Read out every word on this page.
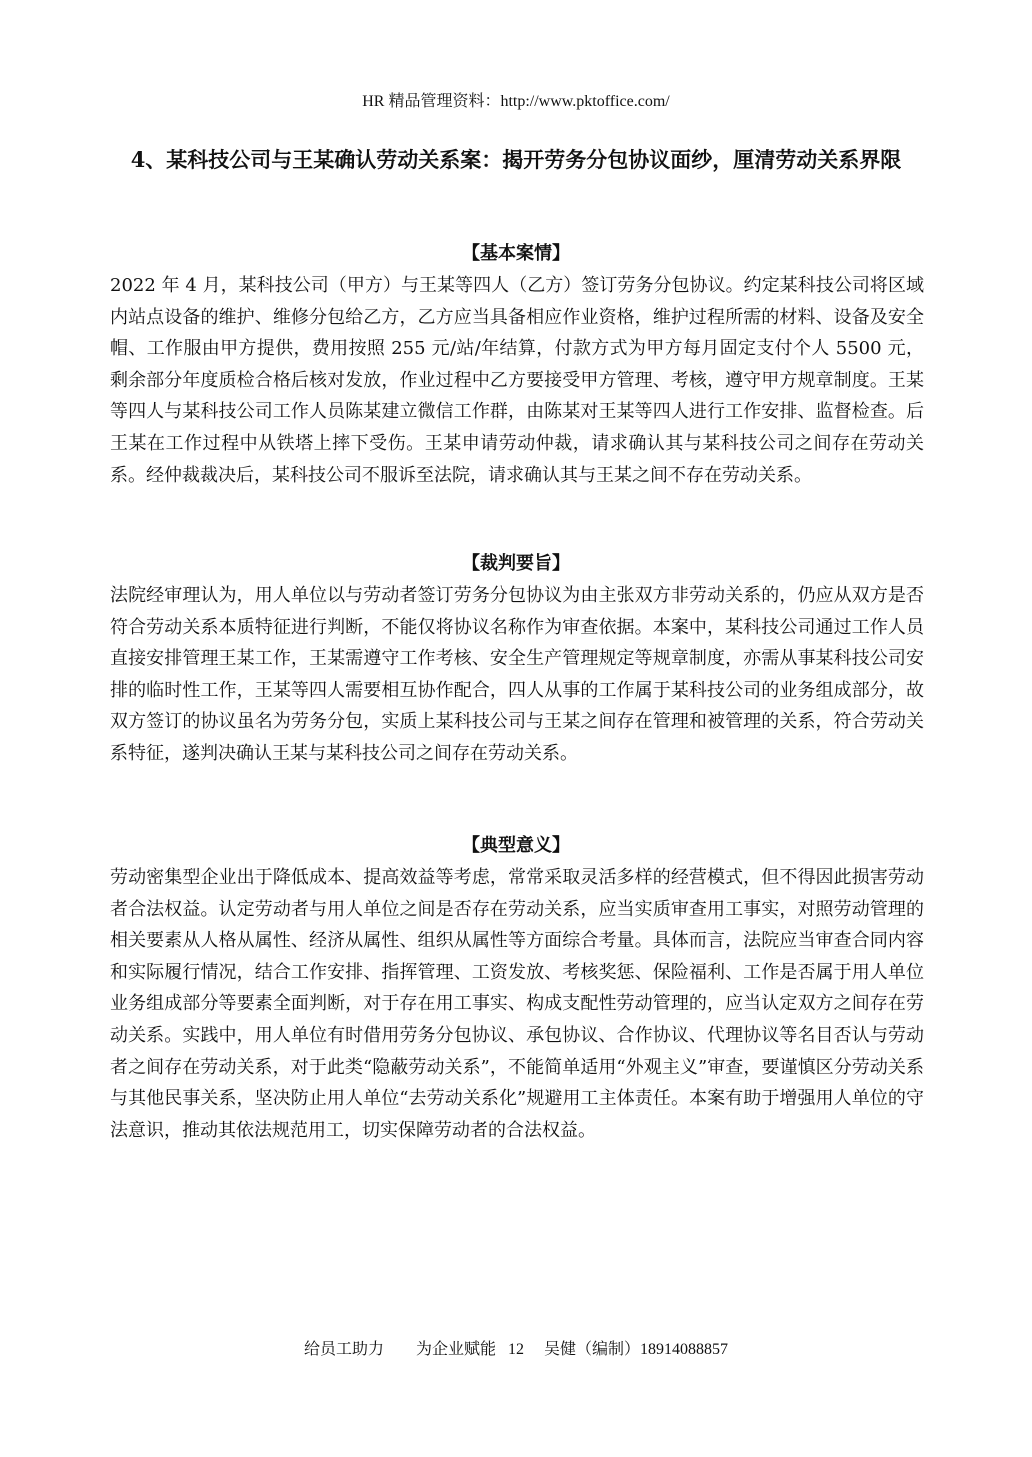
HR 精品管理资料：http://www.pktoffice.com/
4、某科技公司与王某确认劳动关系案：揭开劳务分包协议面纱，厘清劳动关系界限
【基本案情】

2022 年 4 月，某科技公司（甲方）与王某等四人（乙方）签订劳务分包协议。约定某科技公司将区域内站点设备的维护、维修分包给乙方，乙方应当具备相应作业资格，维护过程所需的材料、设备及安全帽、工作服由甲方提供，费用按照 255 元/站/年结算，付款方式为甲方每月固定支付个人 5500 元，剩余部分年度质检合格后核对发放，作业过程中乙方要接受甲方管理、考核，遵守甲方规章制度。王某等四人与某科技公司工作人员陈某建立微信工作群，由陈某对王某等四人进行工作安排、监督检查。后王某在工作过程中从铁塔上摔下受伤。王某申请劳动仲裁，请求确认其与某科技公司之间存在劳动关系。经仲裁裁决后，某科技公司不服诉至法院，请求确认其与王某之间不存在劳动关系。

【裁判要旨】

法院经审理认为，用人单位以与劳动者签订劳务分包协议为由主张双方非劳动关系的，仍应从双方是否符合劳动关系本质特征进行判断，不能仅将协议名称作为审查依据。本案中，某科技公司通过工作人员直接安排管理王某工作，王某需遵守工作考核、安全生产管理规定等规章制度，亦需从事某科技公司安排的临时性工作，王某等四人需要相互协作配合，四人从事的工作属于某科技公司的业务组成部分，故双方签订的协议虽名为劳务分包，实质上某科技公司与王某之间存在管理和被管理的关系，符合劳动关系特征，遂判决确认王某与某科技公司之间存在劳动关系。

【典型意义】

劳动密集型企业出于降低成本、提高效益等考虑，常常采取灵活多样的经营模式，但不得因此损害劳动者合法权益。认定劳动者与用人单位之间是否存在劳动关系，应当实质审查用工事实，对照劳动管理的相关要素从人格从属性、经济从属性、组织从属性等方面综合考量。具体而言，法院应当审查合同内容和实际履行情况，结合工作安排、指挥管理、工资发放、考核奖惩、保险福利、工作是否属于用人单位业务组成部分等要素全面判断，对于存在用工事实、构成支配性劳动管理的，应当认定双方之间存在劳动关系。实践中，用人单位有时借用劳务分包协议、承包协议、合作协议、代理协议等名目否认与劳动者之间存在劳动关系，对于此类“隐蔽劳动关系”，不能简单适用“外观主义”审查，要谨慎区分劳动关系与其他民事关系，坚决防止用人单位“去劳动关系化”规避用工主体责任。本案有助于增强用人单位的守法意识，推动其依法规范用工，切实保障劳动者的合法权益。

给员工助力 为企业赋能 12 吴健（编制）18914088857
